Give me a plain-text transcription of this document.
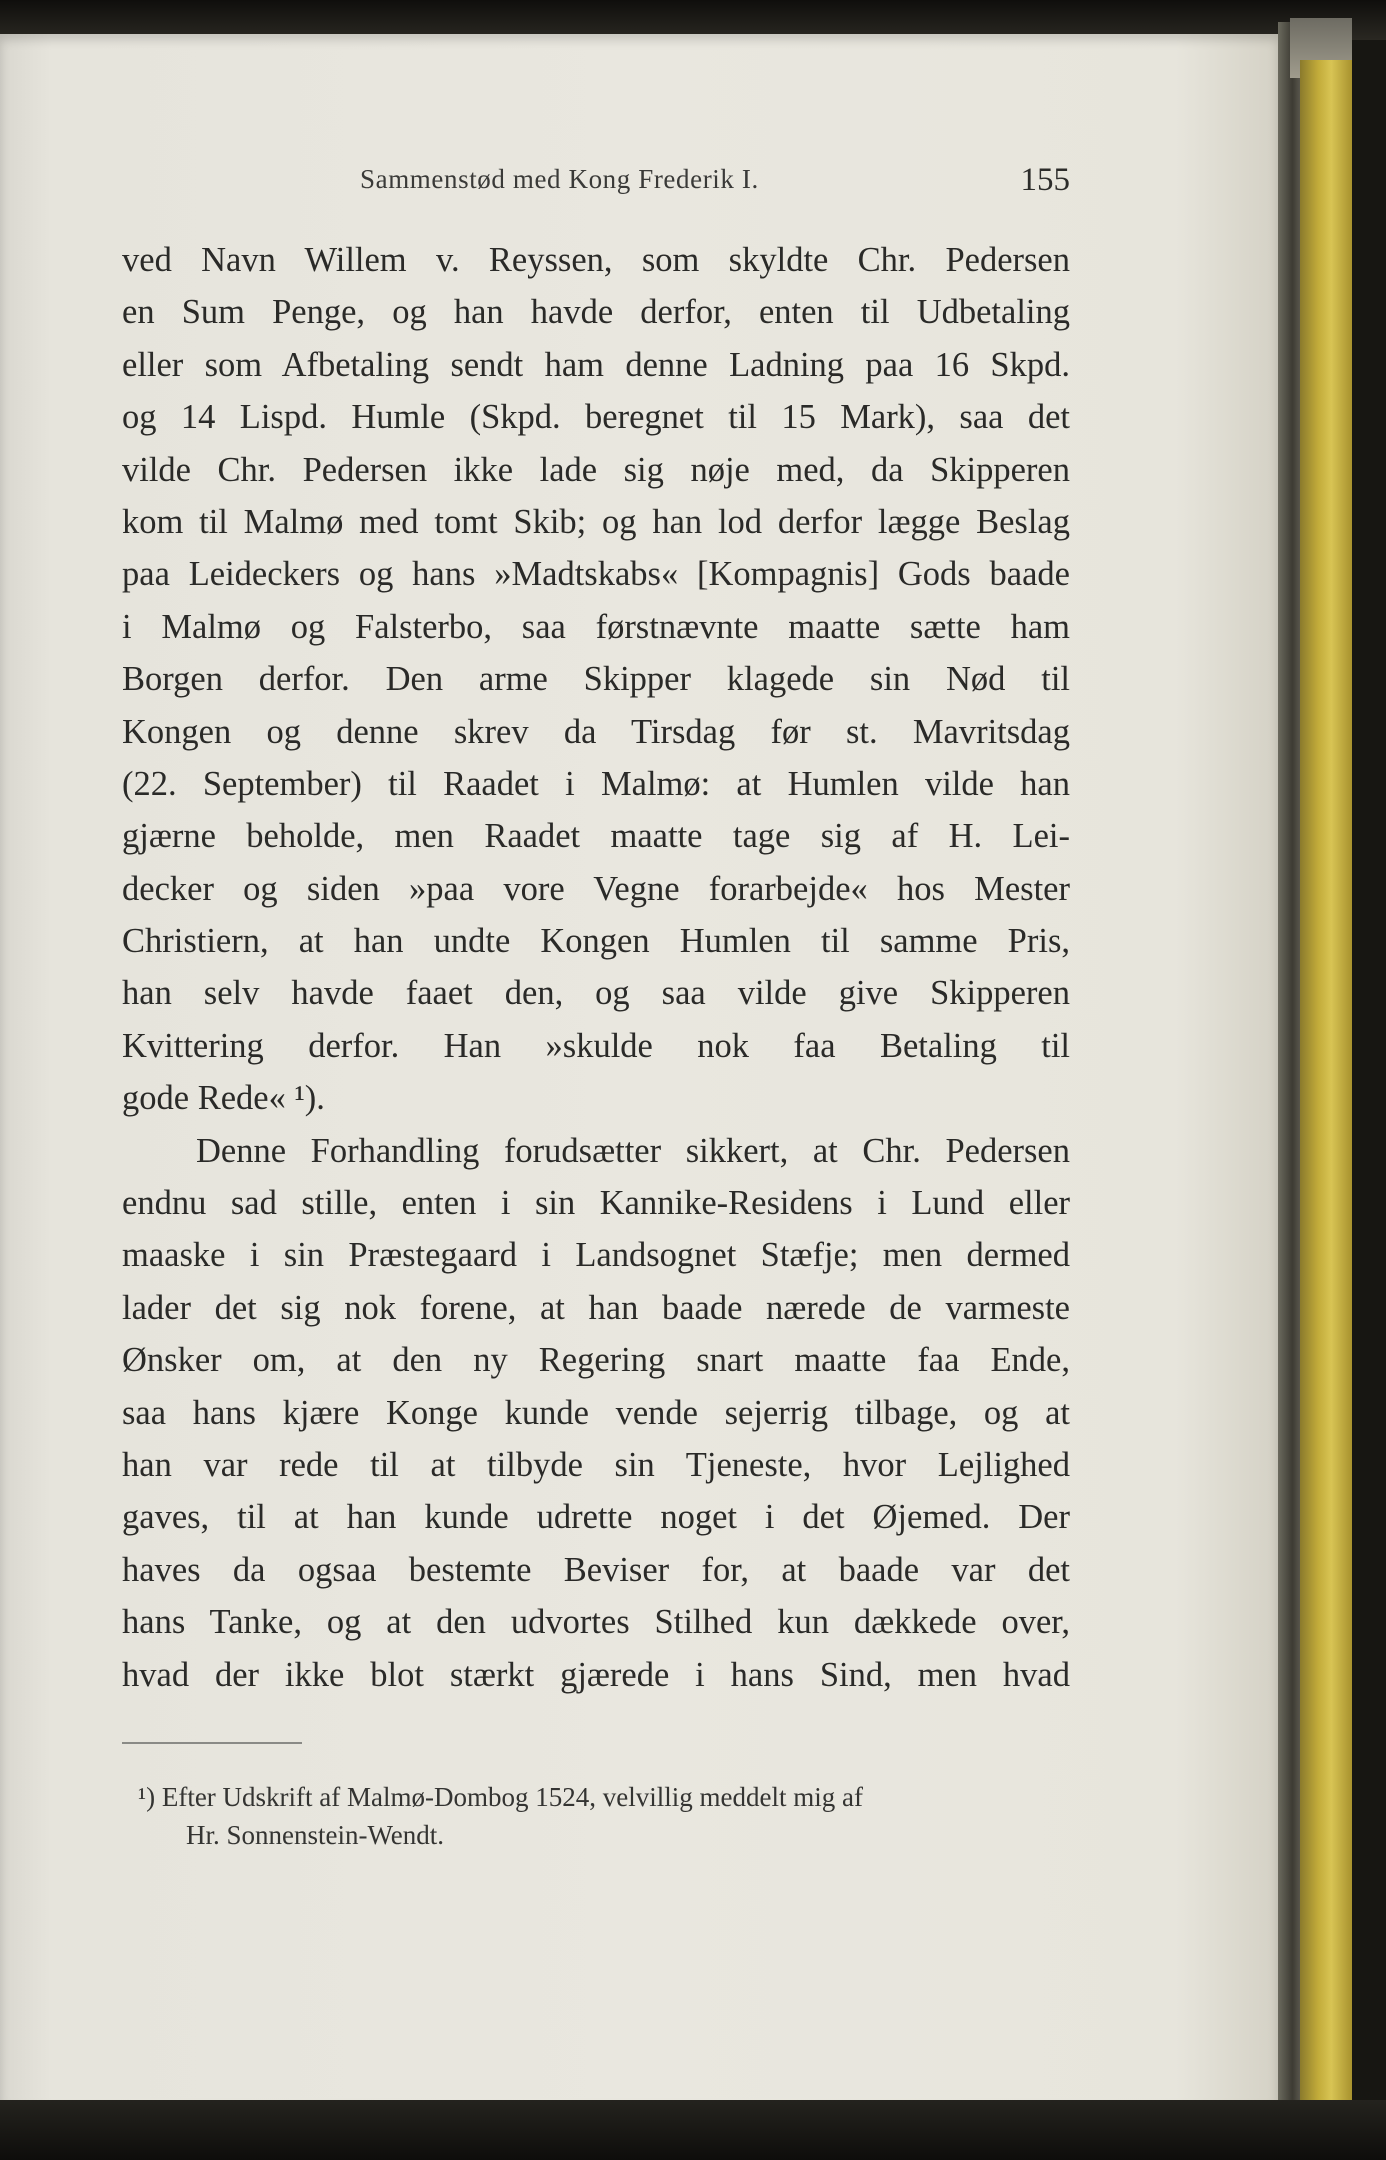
Sammenstød med Kong Frederik I.	155
ved Navn Willem v. Reyssen, som skyldte Chr. Pedersen
en Sum Penge, og han havde derfor, enten til Udbetaling
eller som Afbetaling sendt ham denne Ladning paa 16 Skpd.
og 14 Lispd. Humle (Skpd. beregnet til 15 Mark), saa det
vilde Chr. Pedersen ikke lade sig nøje med, da Skipperen
kom til Malmø med tomt Skib; og han lod derfor lægge Beslag
paa Leideckers og hans »Madtskabs« [Kompagnis] Gods baade
i Malmø og Falsterbo, saa førstnævnte maatte sætte ham
Borgen derfor. Den arme Skipper klagede sin Nød til
Kongen og denne skrev da Tirsdag før st. Mavritsdag
(22. September) til Raadet i Malmø: at Humlen vilde han
gjærne beholde, men Raadet maatte tage sig af H. Lei-
decker og siden »paa vore Vegne forarbejde« hos Mester
Christiern, at han undte Kongen Humlen til samme Pris,
han selv havde faaet den, og saa vilde give Skipperen
Kvittering derfor. Han »skulde nok faa Betaling til
gode Rede« ¹).
Denne Forhandling forudsætter sikkert, at Chr. Pedersen
endnu sad stille, enten i sin Kannike-Residens i Lund eller
maaske i sin Præstegaard i Landsognet Stæfje; men dermed
lader det sig nok forene, at han baade nærede de varmeste
Ønsker om, at den ny Regering snart maatte faa Ende,
saa hans kjære Konge kunde vende sejerrig tilbage, og at
han var rede til at tilbyde sin Tjeneste, hvor Lejlighed
gaves, til at han kunde udrette noget i det Øjemed. Der
haves da ogsaa bestemte Beviser for, at baade var det
hans Tanke, og at den udvortes Stilhed kun dækkede over,
hvad der ikke blot stærkt gjærede i hans Sind, men hvad
¹) Efter Udskrift af Malmø-Dombog 1524, velvillig meddelt mig af
Hr. Sonnenstein-Wendt.
